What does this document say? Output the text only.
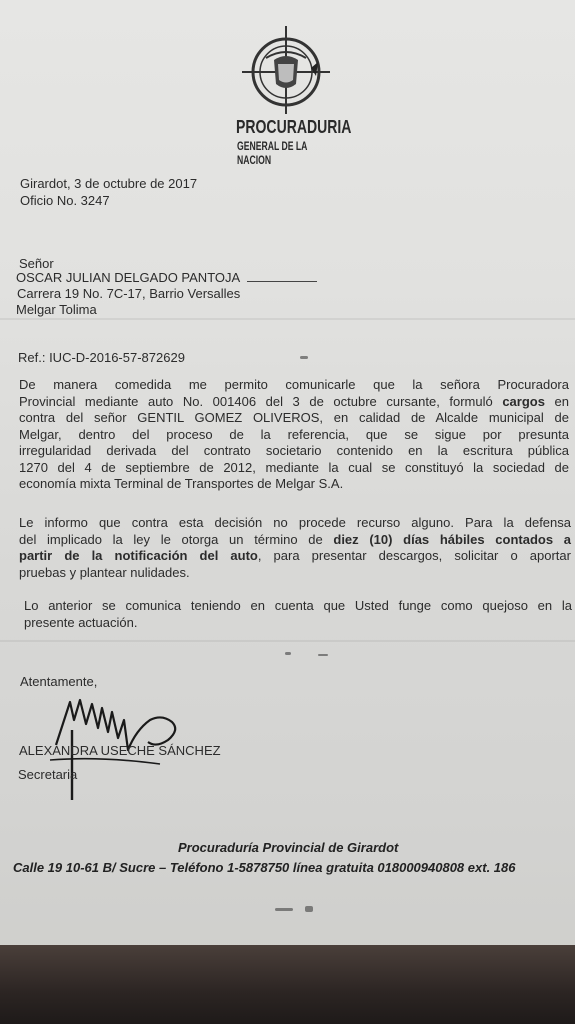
PROCURADURIA
GENERAL DE LA NACION
Girardot, 3 de octubre de 2017
Oficio No. 3247
Señor
OSCAR JULIAN DELGADO PANTOJA
Carrera 19 No. 7C-17, Barrio Versalles
Melgar Tolima
Ref.: IUC-D-2016-57-872629
De manera comedida me permito comunicarle que la señora Procuradora
Provincial mediante auto No. 001406 del 3 de octubre cursante, formuló cargos en
contra del señor GENTIL GOMEZ OLIVEROS, en calidad de Alcalde municipal de
Melgar, dentro del proceso de la referencia, que se sigue por presunta
irregularidad derivada del contrato societario contenido en la escritura pública
1270 del 4 de septiembre de 2012, mediante la cual se constituyó la sociedad de
economía mixta Terminal de Transportes de Melgar S.A.
Le informo que contra esta decisión no procede recurso alguno. Para la defensa
del implicado la ley le otorga un término de diez (10) días hábiles contados a
partir de la notificación del auto, para presentar descargos, solicitar o aportar
pruebas y plantear nulidades.
Lo anterior se comunica teniendo en cuenta que Usted funge como quejoso en la
presente actuación.
Atentamente,
ALEXANDRA USECHE SÁNCHEZ
Secretaria
Procuraduría Provincial de Girardot
Calle 19 10-61 B/ Sucre – Teléfono 1-5878750 línea gratuita 018000940808 ext. 186
